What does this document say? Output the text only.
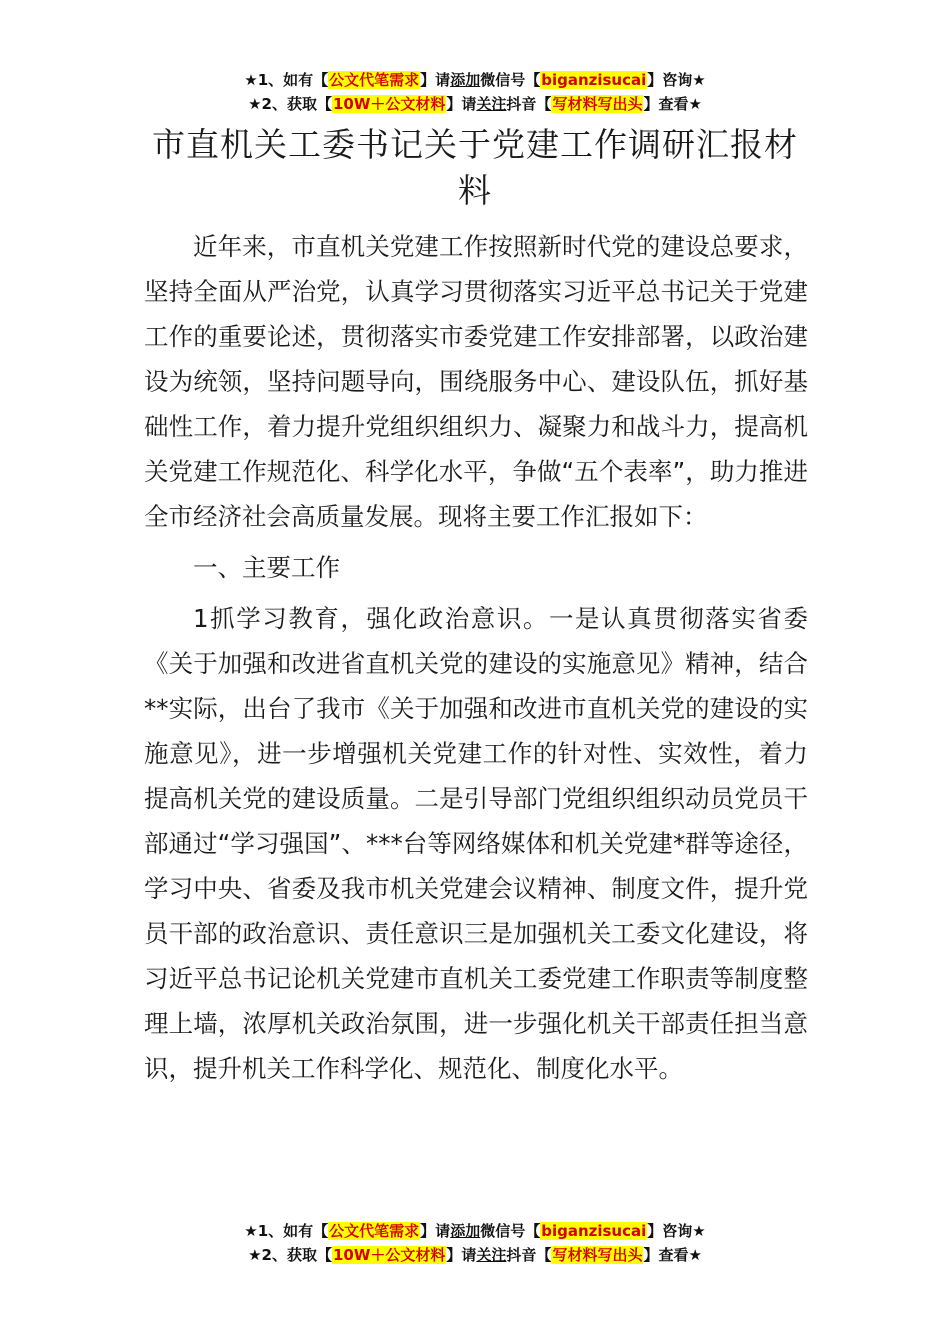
★1、如有【公文代笔需求】请添加微信号【biganzisucai】咨询★
★2、获取【10W＋公文材料】请关注抖音【写材料写出头】查看★
市直机关工委书记关于党建工作调研汇报材料

近年来，市直机关党建工作按照新时代党的建设总要求，坚持全面从严治党，认真学习贯彻落实习近平总书记关于党建工作的重要论述，贯彻落实市委党建工作安排部署，以政治建设为统领，坚持问题导向，围绕服务中心、建设队伍，抓好基础性工作，着力提升党组织组织力、凝聚力和战斗力，提高机关党建工作规范化、科学化水平，争做“五个表率”，助力推进全市经济社会高质量发展。现将主要工作汇报如下：

一、主要工作

1抓学习教育，强化政治意识。一是认真贯彻落实省委《关于加强和改进省直机关党的建设的实施意见》精神，结合**实际，出台了我市《关于加强和改进市直机关党的建设的实施意见》，进一步增强机关党建工作的针对性、实效性，着力提高机关党的建设质量。二是引导部门党组织组织动员党员干部通过“学习强国”、***台等网络媒体和机关党建*群等途径，学习中央、省委及我市机关党建会议精神、制度文件，提升党员干部的政治意识、责任意识三是加强机关工委文化建设，将习近平总书记论机关党建市直机关工委党建工作职责等制度整理上墙，浓厚机关政治氛围，进一步强化机关干部责任担当意识，提升机关工作科学化、规范化、制度化水平。

★1、如有【公文代笔需求】请添加微信号【biganzisucai】咨询★
★2、获取【10W＋公文材料】请关注抖音【写材料写出头】查看★
